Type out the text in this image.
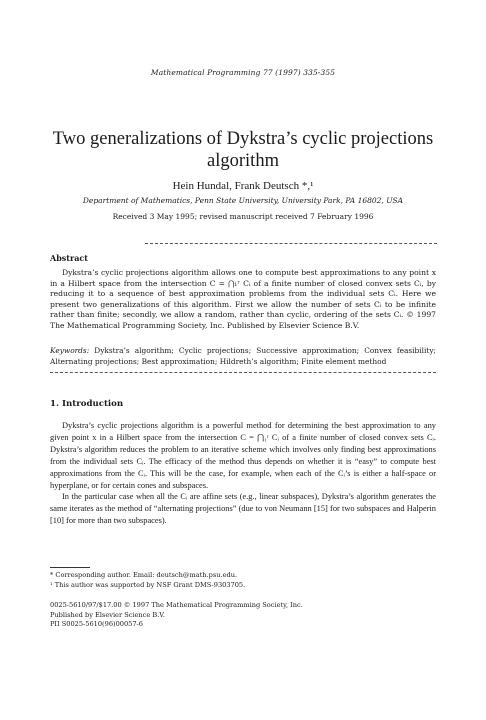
Mathematical Programming 77 (1997) 335-355
Two generalizations of Dykstra’s cyclic projections algorithm
Hein Hundal, Frank Deutsch *,¹
Department of Mathematics, Penn State University, University Park, PA 16802, USA
Received 3 May 1995; revised manuscript received 7 February 1996
Abstract

Dykstra’s cyclic projections algorithm allows one to compute best approximations to any point x in a Hilbert space from the intersection C = ⋂₁ʳ Cᵢ of a finite number of closed convex sets Cᵢ, by reducing it to a sequence of best approximation problems from the individual sets Cᵢ. Here we present two generalizations of this algorithm. First we allow the number of sets Cᵢ to be infinite rather than finite; secondly, we allow a random, rather than cyclic, ordering of the sets Cᵢ. © 1997 The Mathematical Programming Society, Inc. Published by Elsevier Science B.V.

Keywords: Dykstra’s algorithm; Cyclic projections; Successive approximation; Convex feasibility; Alternating projections; Best approximation; Hildreth’s algorithm; Finite element method
1. Introduction

Dykstra’s cyclic projections algorithm is a powerful method for determining the best approximation to any given point x in a Hilbert space from the intersection C = ⋂₁ʳ Cᵢ of a finite number of closed convex sets Cᵢ. Dykstra’s algorithm reduces the problem to an iterative scheme which involves only finding best approximations from the individual sets Cᵢ. The efficacy of the method thus depends on whether it is “easy” to compute best approximations from the Cᵢ. This will be the case, for example, when each of the Cᵢ’s is either a half-space or hyperplane, or for certain cones and subspaces.

In the particular case when all the Cᵢ are affine sets (e.g., linear subspaces), Dykstra’s algorithm generates the same iterates as the method of “alternating projections” (due to von Neumann [15] for two subspaces and Halperin [10] for more than two subspaces).

* Corresponding author. Email: deutsch@math.psu.edu.
¹ This author was supported by NSF Grant DMS-9303705.
0025-5610/97/$17.00 © 1997 The Mathematical Programming Society, Inc.
Published by Elsevier Science B.V.
PII S0025-5610(96)00057-6
